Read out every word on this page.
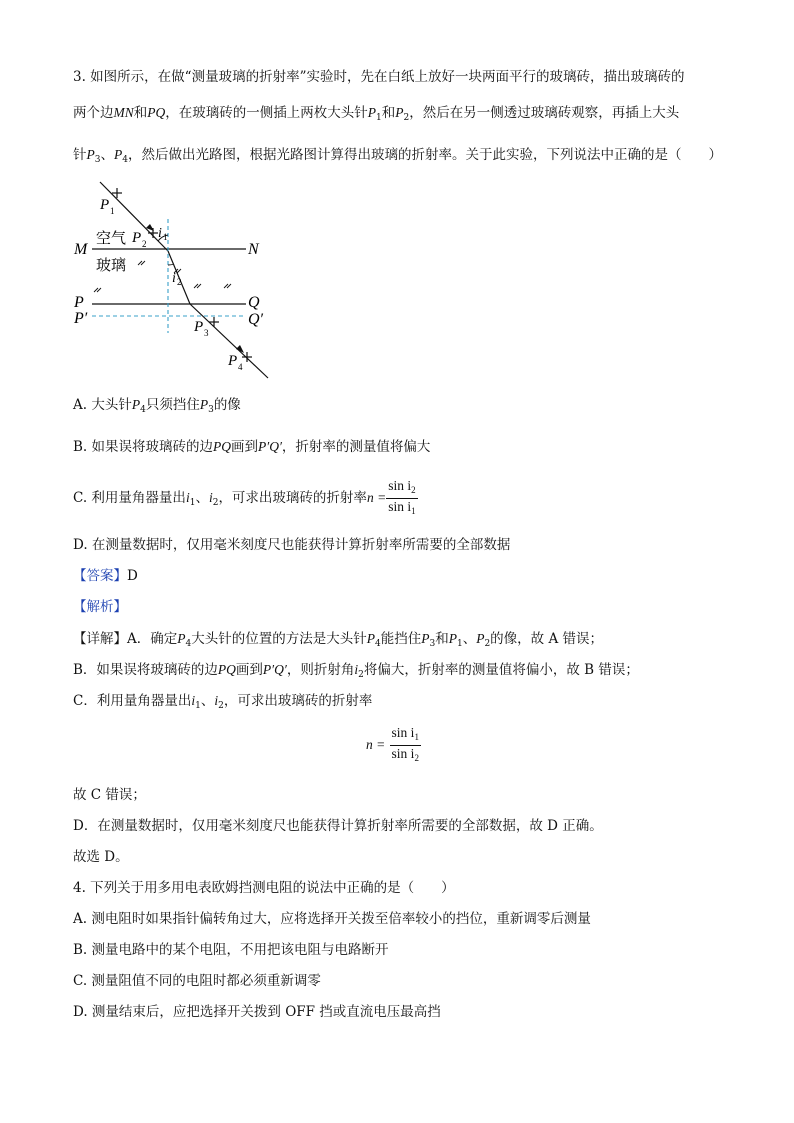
3. 如图所示，在做“测量玻璃的折射率”实验时，先在白纸上放好一块两面平行的玻璃砖，描出玻璃砖的
两个边MN和PQ，在玻璃砖的一侧插上两枚大头针$P_1$和$P_2$，然后在另一侧透过玻璃砖观察，再插上大头
针$P_3$、$P_4$，然后做出光路图，根据光路图计算得出玻璃的折射率。关于此实验，下列说法中正确的是（　　）
P 1
P 2
i 1
i 2
M	N
空气
玻璃
P
P′
Q
Q′
P 3
P 4
A. 大头针$P_4$只须挡住$P_3$的像
B. 如果误将玻璃砖的边PQ画到P′Q′，折射率的测量值将偏大
C. 利用量角器量出$i_1$、$i_2$，可求出玻璃砖的折射率$n = \frac{\sin i_2}{\sin i_1}$
D. 在测量数据时，仅用毫米刻度尺也能获得计算折射率所需要的全部数据
【答案】D
【解析】
【详解】A．确定$P_4$大头针的位置的方法是大头针$P_4$能挡住$P_3$和$P_1$、$P_2$的像，故 A 错误；
B．如果误将玻璃砖的边PQ画到P′Q′，则折射角$i_2$将偏大，折射率的测量值将偏小，故 B 错误；
C．利用量角器量出$i_1$、$i_2$，可求出玻璃砖的折射率
$n = \frac{\sin i_1}{\sin i_2}$
故 C 错误；
D．在测量数据时，仅用毫米刻度尺也能获得计算折射率所需要的全部数据，故 D 正确。
故选 D。
4. 下列关于用多用电表欧姆挡测电阻的说法中正确的是（　　）
A. 测电阻时如果指针偏转角过大，应将选择开关拨至倍率较小的挡位，重新调零后测量
B. 测量电路中的某个电阻，不用把该电阻与电路断开
C. 测量阻值不同的电阻时都必须重新调零
D. 测量结束后，应把选择开关拨到 OFF 挡或直流电压最高挡
